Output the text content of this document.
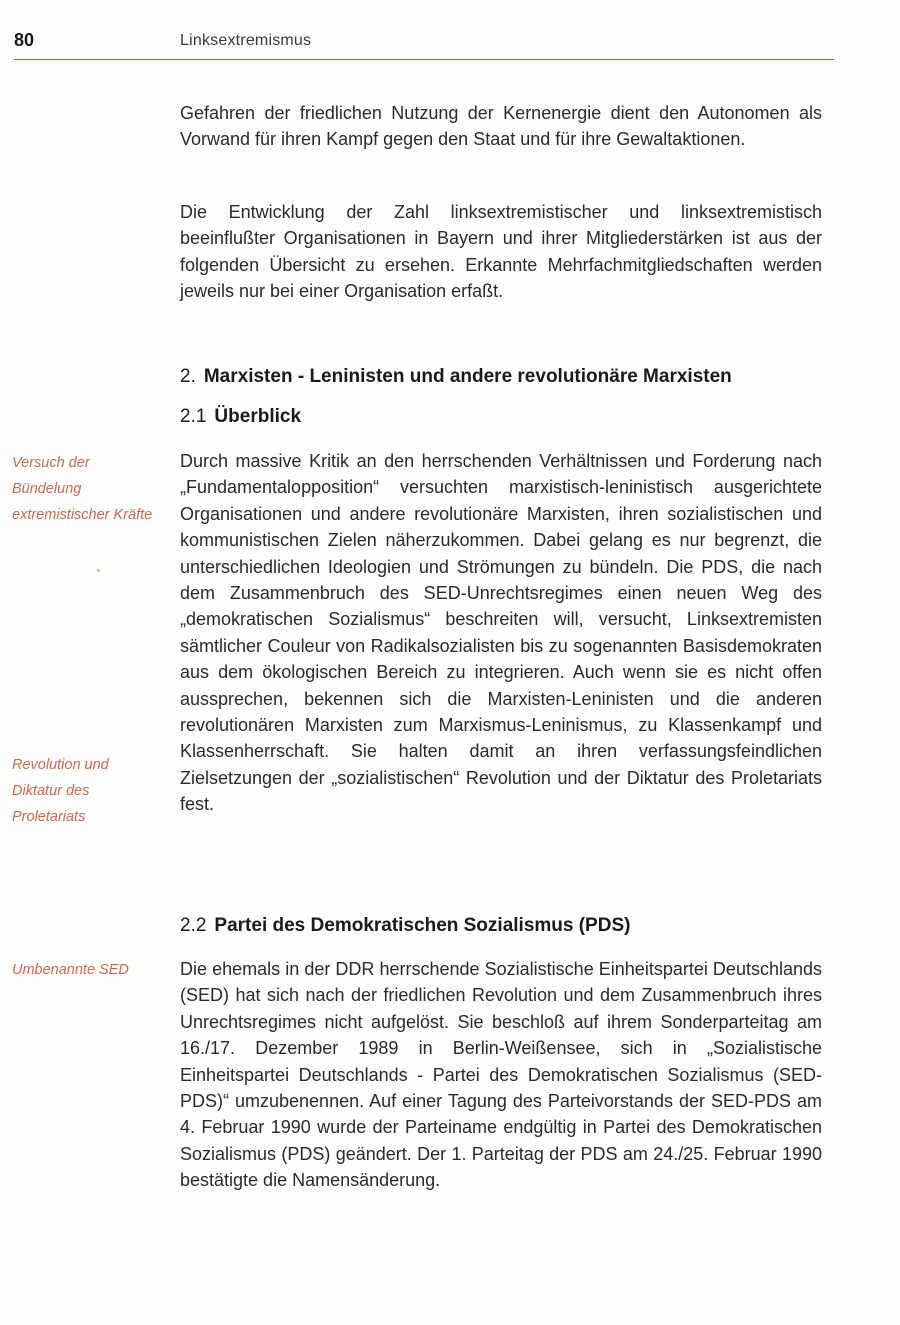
80	Linksextremismus

Gefahren der friedlichen Nutzung der Kernenergie dient den Autonomen als Vorwand für ihren Kampf gegen den Staat und für ihre Gewaltaktionen.

Die Entwicklung der Zahl linksextremistischer und linksextremistisch beeinflußter Organisationen in Bayern und ihrer Mitgliederstärken ist aus der folgenden Übersicht zu ersehen. Erkannte Mehrfachmitgliedschaften werden jeweils nur bei einer Organisation erfaßt.

2. Marxisten - Leninisten und andere revolutionäre Marxisten

2.1 Überblick

Versuch der Bündelung extremistischer Kräfte

Durch massive Kritik an den herrschenden Verhältnissen und Forderung nach „Fundamentalopposition“ versuchten marxistisch-leninistisch ausgerichtete Organisationen und andere revolutionäre Marxisten, ihren sozialistischen und kommunistischen Zielen näherzukommen. Dabei gelang es nur begrenzt, die unterschiedlichen Ideologien und Strömungen zu bündeln. Die PDS, die nach dem Zusammenbruch des SED-Unrechtsregimes einen neuen Weg des „demokratischen Sozialismus“ beschreiten will, versucht, Linksextremisten sämtlicher Couleur von Radikalsozialisten bis zu sogenannten Basisdemokraten aus dem ökologischen Bereich zu integrieren. Auch wenn sie es nicht offen aussprechen, bekennen sich die Marxisten-Leninisten und die anderen revolutionären Marxisten zum Marxismus-Leninismus, zu Klassenkampf und Klassenherrschaft. Sie halten damit an ihren verfassungsfeindlichen Zielsetzungen der „sozialistischen“ Revolution und der Diktatur des Proletariats fest.

Revolution und Diktatur des Proletariats

2.2 Partei des Demokratischen Sozialismus (PDS)

Umbenannte SED	Die ehemals in der DDR herrschende Sozialistische Einheitspartei Deutschlands (SED) hat sich nach der friedlichen Revolution und dem Zusammenbruch ihres Unrechtsregimes nicht aufgelöst. Sie beschloß auf ihrem Sonderparteitag am 16./17. Dezember 1989 in Berlin-Weißensee, sich in „Sozialistische Einheitspartei Deutschlands - Partei des Demokratischen Sozialismus (SED-PDS)“ umzubenennen. Auf einer Tagung des Parteivorstands der SED-PDS am 4. Februar 1990 wurde der Parteiname endgültig in Partei des Demokratischen Sozialismus (PDS) geändert. Der 1. Parteitag der PDS am 24./25. Februar 1990 bestätigte die Namensänderung.
